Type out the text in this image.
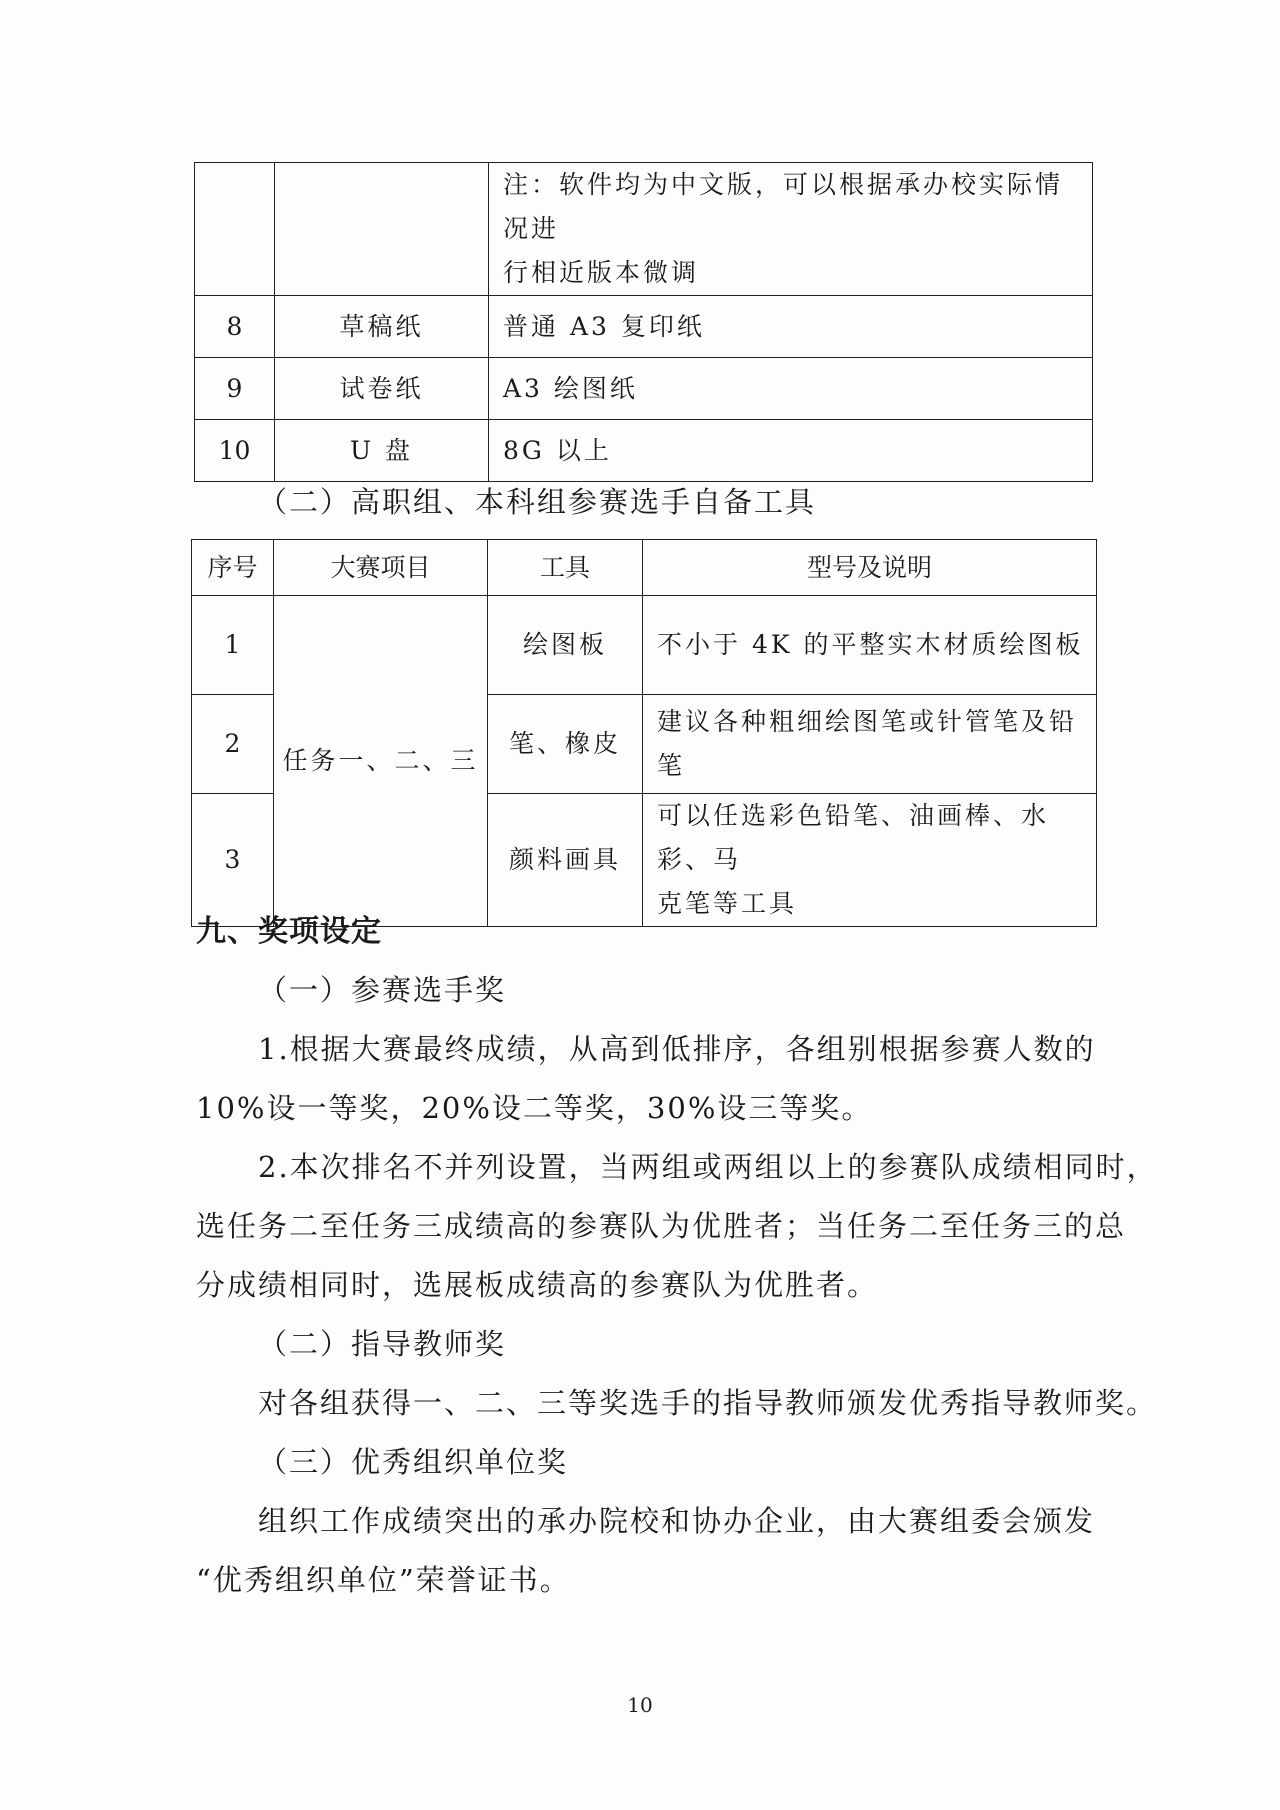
		注：软件均为中文版，可以根据承办校实际情况进
行相近版本微调

8	草稿纸	普通 A3 复印纸
9	试卷纸	A3 绘图纸
10	U 盘	8G 以上
（二）高职组、本科组参赛选手自备工具
序号	大赛项目	工具	型号及说明
1	任务一、二、三	绘图板	不小于 4K 的平整实木材质绘图板
2		笔、橡皮	建议各种粗细绘图笔或针管笔及铅笔
3		颜料画具	可以任选彩色铅笔、油画棒、水彩、马
克笔等工具
九、奖项设定
（一）参赛选手奖
1.根据大赛最终成绩，从高到低排序，各组别根据参赛人数的
10%设一等奖，20%设二等奖，30%设三等奖。
2.本次排名不并列设置，当两组或两组以上的参赛队成绩相同时，
选任务二至任务三成绩高的参赛队为优胜者；当任务二至任务三的总
分成绩相同时，选展板成绩高的参赛队为优胜者。
（二）指导教师奖
对各组获得一、二、三等奖选手的指导教师颁发优秀指导教师奖。
（三）优秀组织单位奖
组织工作成绩突出的承办院校和协办企业，由大赛组委会颁发
“优秀组织单位”荣誉证书。
10
